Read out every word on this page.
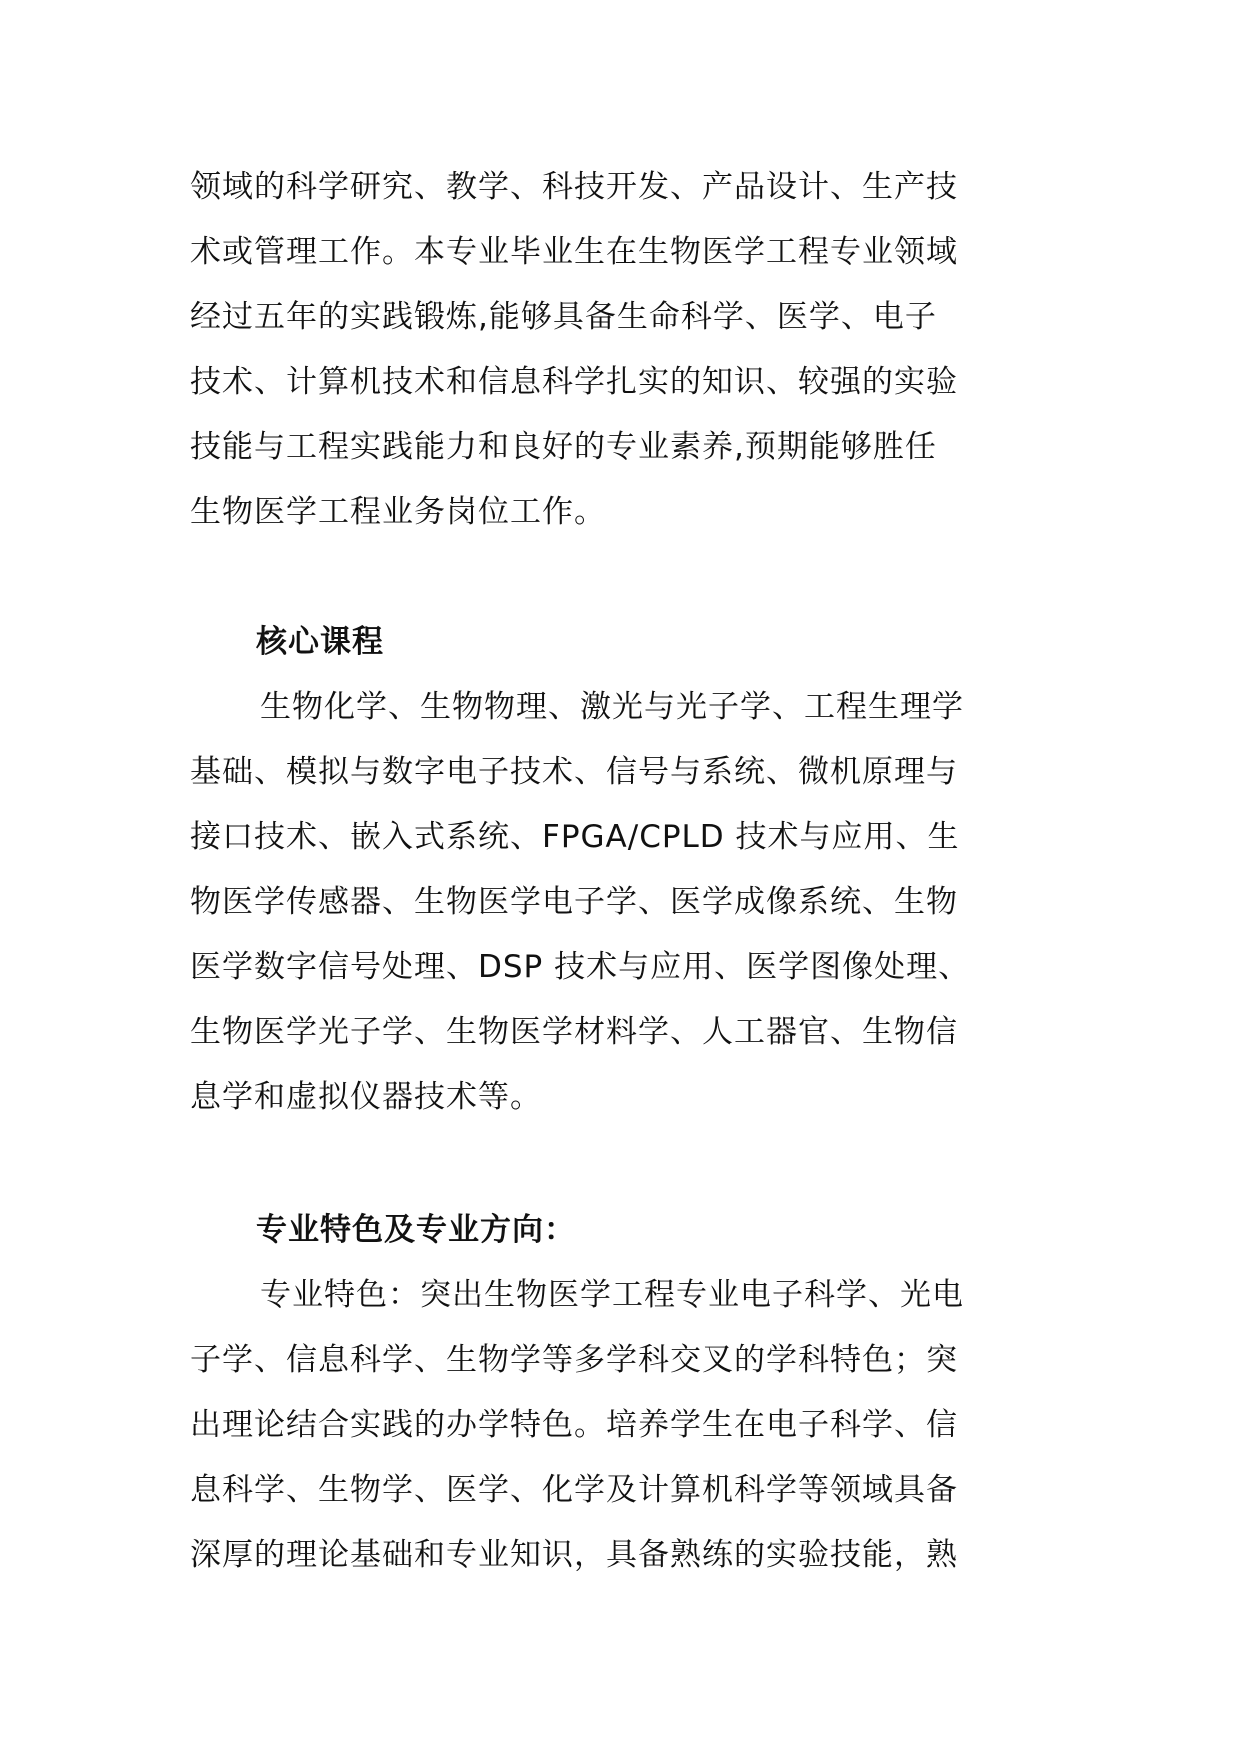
领域的科学研究、教学、科技开发、产品设计、生产技
术或管理工作。本专业毕业生在生物医学工程专业领域
经过五年的实践锻炼,能够具备生命科学、医学、电子
技术、计算机技术和信息科学扎实的知识、较强的实验
技能与工程实践能力和良好的专业素养,预期能够胜任
生物医学工程业务岗位工作。
核心课程
生物化学、生物物理、激光与光子学、工程生理学
基础、模拟与数字电子技术、信号与系统、微机原理与
接口技术、嵌入式系统、FPGA/CPLD 技术与应用、生
物医学传感器、生物医学电子学、医学成像系统、生物
医学数字信号处理、DSP 技术与应用、医学图像处理、
生物医学光子学、生物医学材料学、人工器官、生物信
息学和虚拟仪器技术等。
专业特色及专业方向：
专业特色：突出生物医学工程专业电子科学、光电
子学、信息科学、生物学等多学科交叉的学科特色；突
出理论结合实践的办学特色。培养学生在电子科学、信
息科学、生物学、医学、化学及计算机科学等领域具备
深厚的理论基础和专业知识，具备熟练的实验技能，熟
